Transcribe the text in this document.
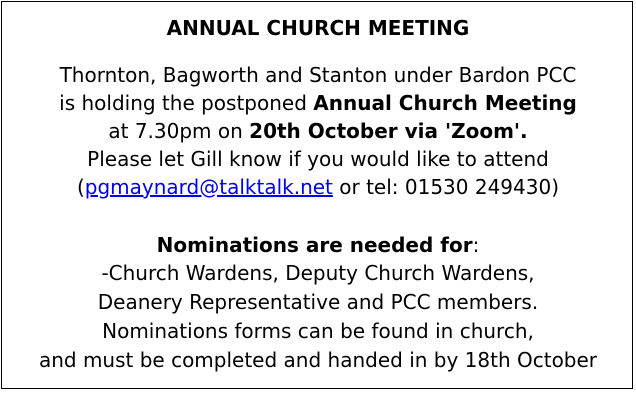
ANNUAL CHURCH MEETING
Thornton, Bagworth and Stanton under Bardon PCC
is holding the postponed Annual Church Meeting
at 7.30pm on 20th October via 'Zoom'.
Please let Gill know if you would like to attend
(pgmaynard@talktalk.net or tel: 01530 249430)
Nominations are needed for:
-Church Wardens, Deputy Church Wardens,
Deanery Representative and PCC members.
Nominations forms can be found in church,
and must be completed and handed in by 18th October
